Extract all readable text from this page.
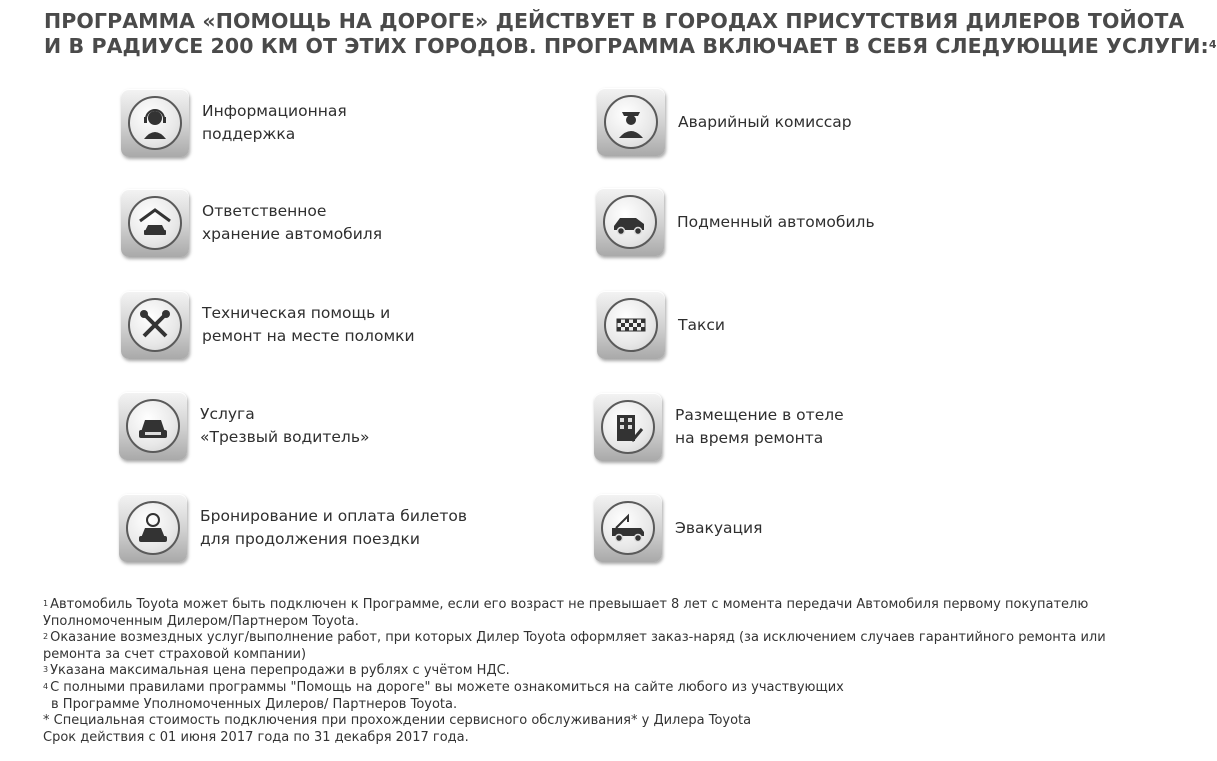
ПРОГРАММА «ПОМОЩЬ НА ДОРОГЕ» ДЕЙСТВУЕТ В ГОРОДАХ ПРИСУТСТВИЯ ДИЛЕРОВ ТОЙОТА
И В РАДИУСЕ 200 КМ ОТ ЭТИХ ГОРОДОВ. ПРОГРАММА ВКЛЮЧАЕТ В СЕБЯ СЛЕДУЮЩИЕ УСЛУГИ:$^4$
Информационная
поддержка
Ответственное
хранение автомобиля
Техническая помощь и
ремонт на месте поломки
Услуга
«Трезвый водитель»
Бронирование и оплата билетов
для продолжения поездки
Аварийный комиссар
Подменный автомобиль
Такси
Размещение в отеле
на время ремонта
Эвакуация
$^1$ Автомобиль Toyota может быть подключен к Программе, если его возраст не превышает 8 лет с момента передачи Автомобиля первому покупателю
Уполномоченным Дилером/Партнером Toyota.
$^2$ Оказание возмездных услуг/выполнение работ, при которых Дилер Toyota оформляет заказ-наряд (за исключением случаев гарантийного ремонта или
ремонта за счет страховой компании)
$^3$ Указана максимальная цена перепродажи в рублях с учётом НДС.
$^4$ С полными правилами программы "Помощь на дороге" вы можете ознакомиться на сайте любого из участвующих
в Программе Уполномоченных Дилеров/ Партнеров Toyota.
* Специальная стоимость подключения при прохождении сервисного обслуживания* у Дилера Toyota
Срок действия с 01 июня 2017 года по 31 декабря 2017 года.
